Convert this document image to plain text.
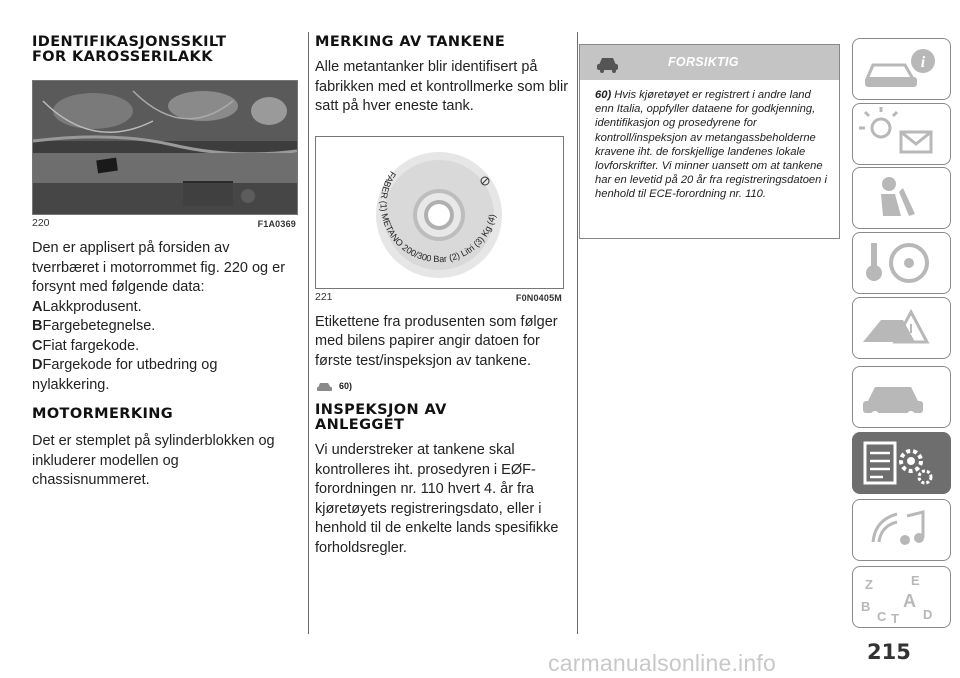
IDENTIFIKASJONSSKILT
FOR KAROSSERILAKK
220	F1A0369

Den er applisert på forsiden av tverrbæret i motorrommet fig. 220 og er forsynt med følgende data:

ALakkprodusent.
BFargebetegnelse.
CFiat fargekode.
DFargekode for utbedring og nylakkering.
MOTORMERKING

Det er stemplet på sylinderblokken og inkluderer modellen og chassisnummeret.

MERKING AV TANKENE

Alle metantanker blir identifisert på fabrikken med et kontrollmerke som blir satt på hver eneste tank.

FABER (1) METANO 200/300 Bar (2) Litri (3) Kg (4)
221	F0N0405M

Etikettene fra produsenten som følger med bilens papirer angir datoen for første test/inspeksjon av tankene.

60)
INSPEKSJON AV
ANLEGGET

Vi understreker at tankene skal kontrolleres iht. prosedyren i EØF-forordningen nr. 110 hvert 4. år fra kjøretøyets registreringsdato, eller i henhold til de enkelte lands spesifikke forholdsregler.

FORSIKTIG
60) Hvis kjøretøyet er registrert i andre land enn Italia, oppfyller dataene for godkjenning, identifikasjon og prosedyrene for kontroll/inspeksjon av metangassbeholderne kravene iht. de forskjellige landenes lokale lovforskrifter. Vi minner uansett om at tankene har en levetid på 20 år fra registreringsdatoen i henhold til ECE-forordning nr. 110.
i
Z	E
A
B
C T D
215
carmanualsonline.info
